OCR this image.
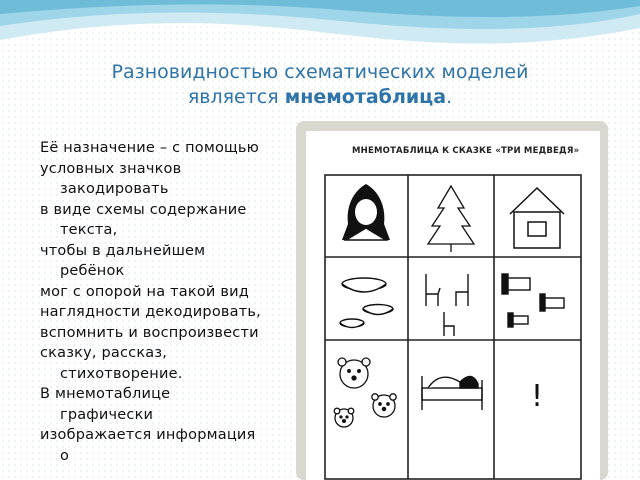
Разновидностью схематических моделей
является мнемотаблица.
Её назначение – с помощью
условных значков
закодировать
в виде схемы содержание
текста,
чтобы в дальнейшем
ребёнок
мог с опорой на такой вид
наглядности декодировать,
вспомнить и воспроизвести
сказку, рассказ,
стихотворение.
В мнемотаблице
графически
изображается информация
о
МНЕМОТАБЛИЦА К СКАЗКЕ «ТРИ МЕДВЕДЯ»
!
